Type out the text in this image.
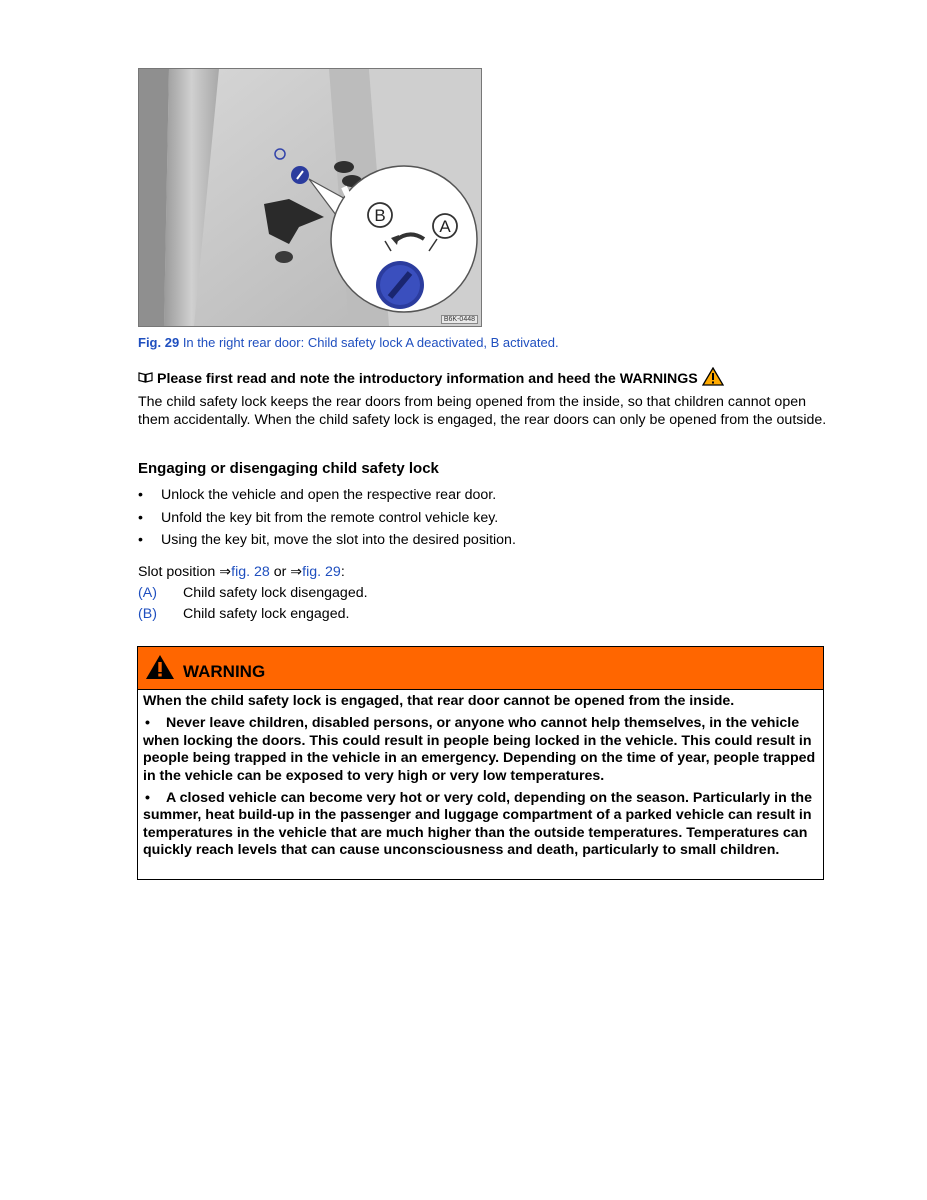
B
A
B6K-0448
Fig. 29 In the right rear door: Child safety lock A deactivated, B activated.
Please first read and note the introductory information and heed the WARNINGS
The child safety lock keeps the rear doors from being opened from the inside, so that children cannot open them accidentally. When the child safety lock is engaged, the rear doors can only be opened from the outside.
Engaging or disengaging child safety lock
• Unlock the vehicle and open the respective rear door.
• Unfold the key bit from the remote control vehicle key.
• Using the key bit, move the slot into the desired position.
Slot position ⇒fig. 28 or ⇒fig. 29:
(A) Child safety lock disengaged.
(B) Child safety lock engaged.
WARNING

When the child safety lock is engaged, that rear door cannot be opened from the inside.

• Never leave children, disabled persons, or anyone who cannot help themselves, in the vehicle when locking the doors. This could result in people being locked in the vehicle. This could result in people being trapped in the vehicle in an emergency. Depending on the time of year, people trapped in the vehicle can be exposed to very high or very low temperatures.

• A closed vehicle can become very hot or very cold, depending on the season. Particularly in the summer, heat build-up in the passenger and luggage compartment of a parked vehicle can result in temperatures in the vehicle that are much higher than the outside temperatures. Temperatures can quickly reach levels that can cause unconsciousness and death, particularly to small children.
